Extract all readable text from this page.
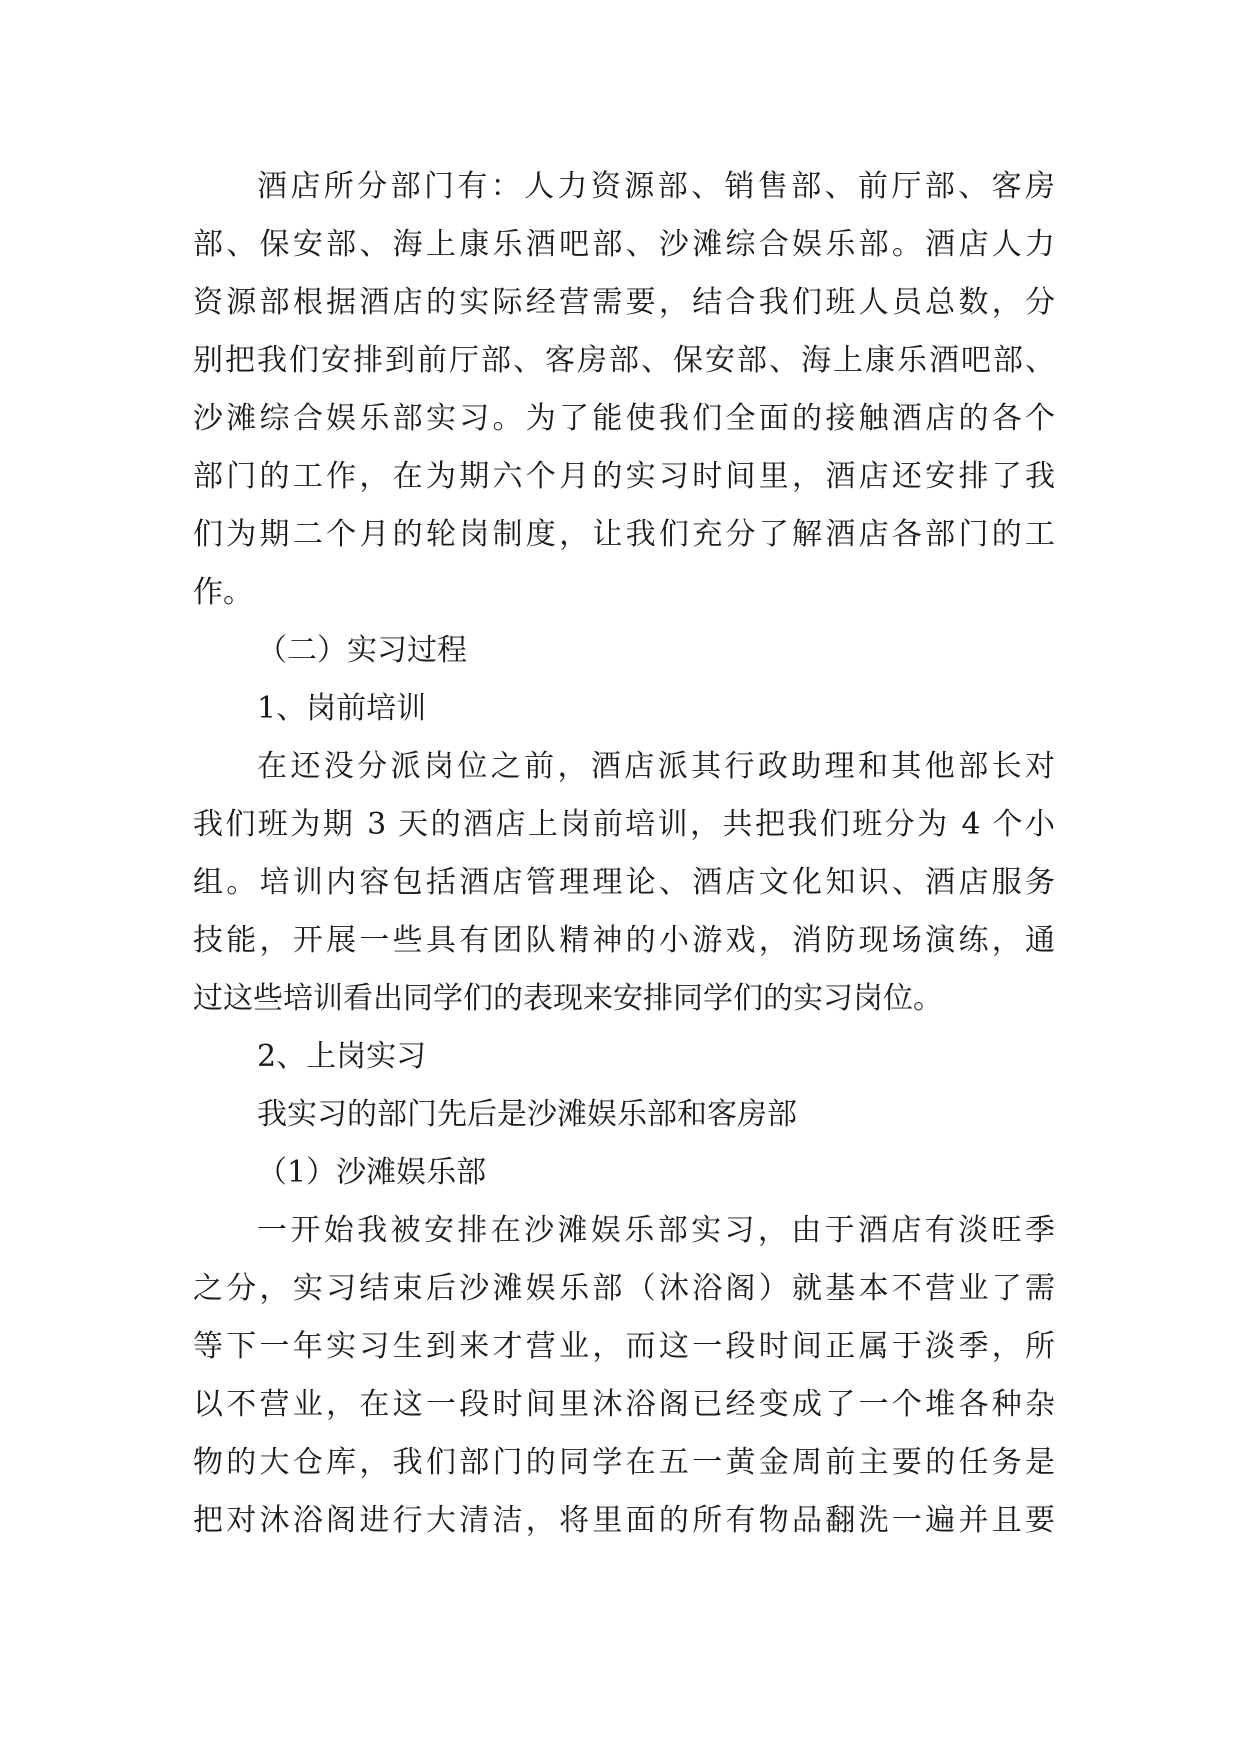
酒店所分部门有：人力资源部、销售部、前厅部、客房
部、保安部、海上康乐酒吧部、沙滩综合娱乐部。酒店人力
资源部根据酒店的实际经营需要，结合我们班人员总数，分
别把我们安排到前厅部、客房部、保安部、海上康乐酒吧部、
沙滩综合娱乐部实习。为了能使我们全面的接触酒店的各个
部门的工作，在为期六个月的实习时间里，酒店还安排了我
们为期二个月的轮岗制度，让我们充分了解酒店各部门的工
作。
（二）实习过程
1、岗前培训
在还没分派岗位之前，酒店派其行政助理和其他部长对
我们班为期 3 天的酒店上岗前培训，共把我们班分为 4 个小
组。培训内容包括酒店管理理论、酒店文化知识、酒店服务
技能，开展一些具有团队精神的小游戏，消防现场演练，通
过这些培训看出同学们的表现来安排同学们的实习岗位。
2、上岗实习
我实习的部门先后是沙滩娱乐部和客房部
（1）沙滩娱乐部
一开始我被安排在沙滩娱乐部实习，由于酒店有淡旺季
之分，实习结束后沙滩娱乐部（沐浴阁）就基本不营业了需
等下一年实习生到来才营业，而这一段时间正属于淡季，所
以不营业，在这一段时间里沐浴阁已经变成了一个堆各种杂
物的大仓库，我们部门的同学在五一黄金周前主要的任务是
把对沐浴阁进行大清洁，将里面的所有物品翻洗一遍并且要
